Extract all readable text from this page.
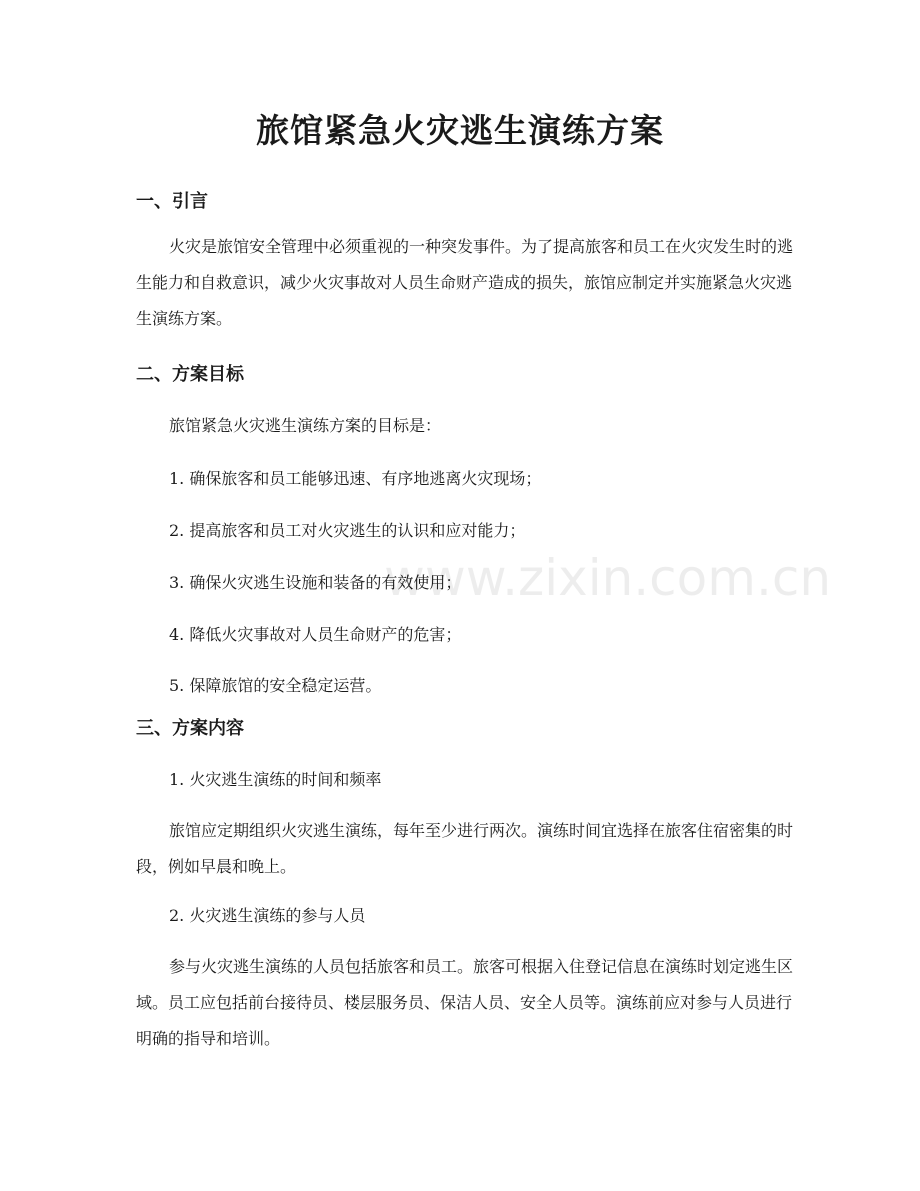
旅馆紧急火灾逃生演练方案
一、引言

火灾是旅馆安全管理中必须重视的一种突发事件。为了提高旅客和员工在火灾发生时的逃生能力和自救意识，减少火灾事故对人员生命财产造成的损失，旅馆应制定并实施紧急火灾逃生演练方案。

二、方案目标

旅馆紧急火灾逃生演练方案的目标是：

1. 确保旅客和员工能够迅速、有序地逃离火灾现场；

2. 提高旅客和员工对火灾逃生的认识和应对能力；

3. 确保火灾逃生设施和装备的有效使用；

4. 降低火灾事故对人员生命财产的危害；

5. 保障旅馆的安全稳定运营。

三、方案内容

1. 火灾逃生演练的时间和频率

旅馆应定期组织火灾逃生演练，每年至少进行两次。演练时间宜选择在旅客住宿密集的时段，例如早晨和晚上。

2. 火灾逃生演练的参与人员

参与火灾逃生演练的人员包括旅客和员工。旅客可根据入住登记信息在演练时划定逃生区域。员工应包括前台接待员、楼层服务员、保洁人员、安全人员等。演练前应对参与人员进行明确的指导和培训。

www.zixin.com.cn
